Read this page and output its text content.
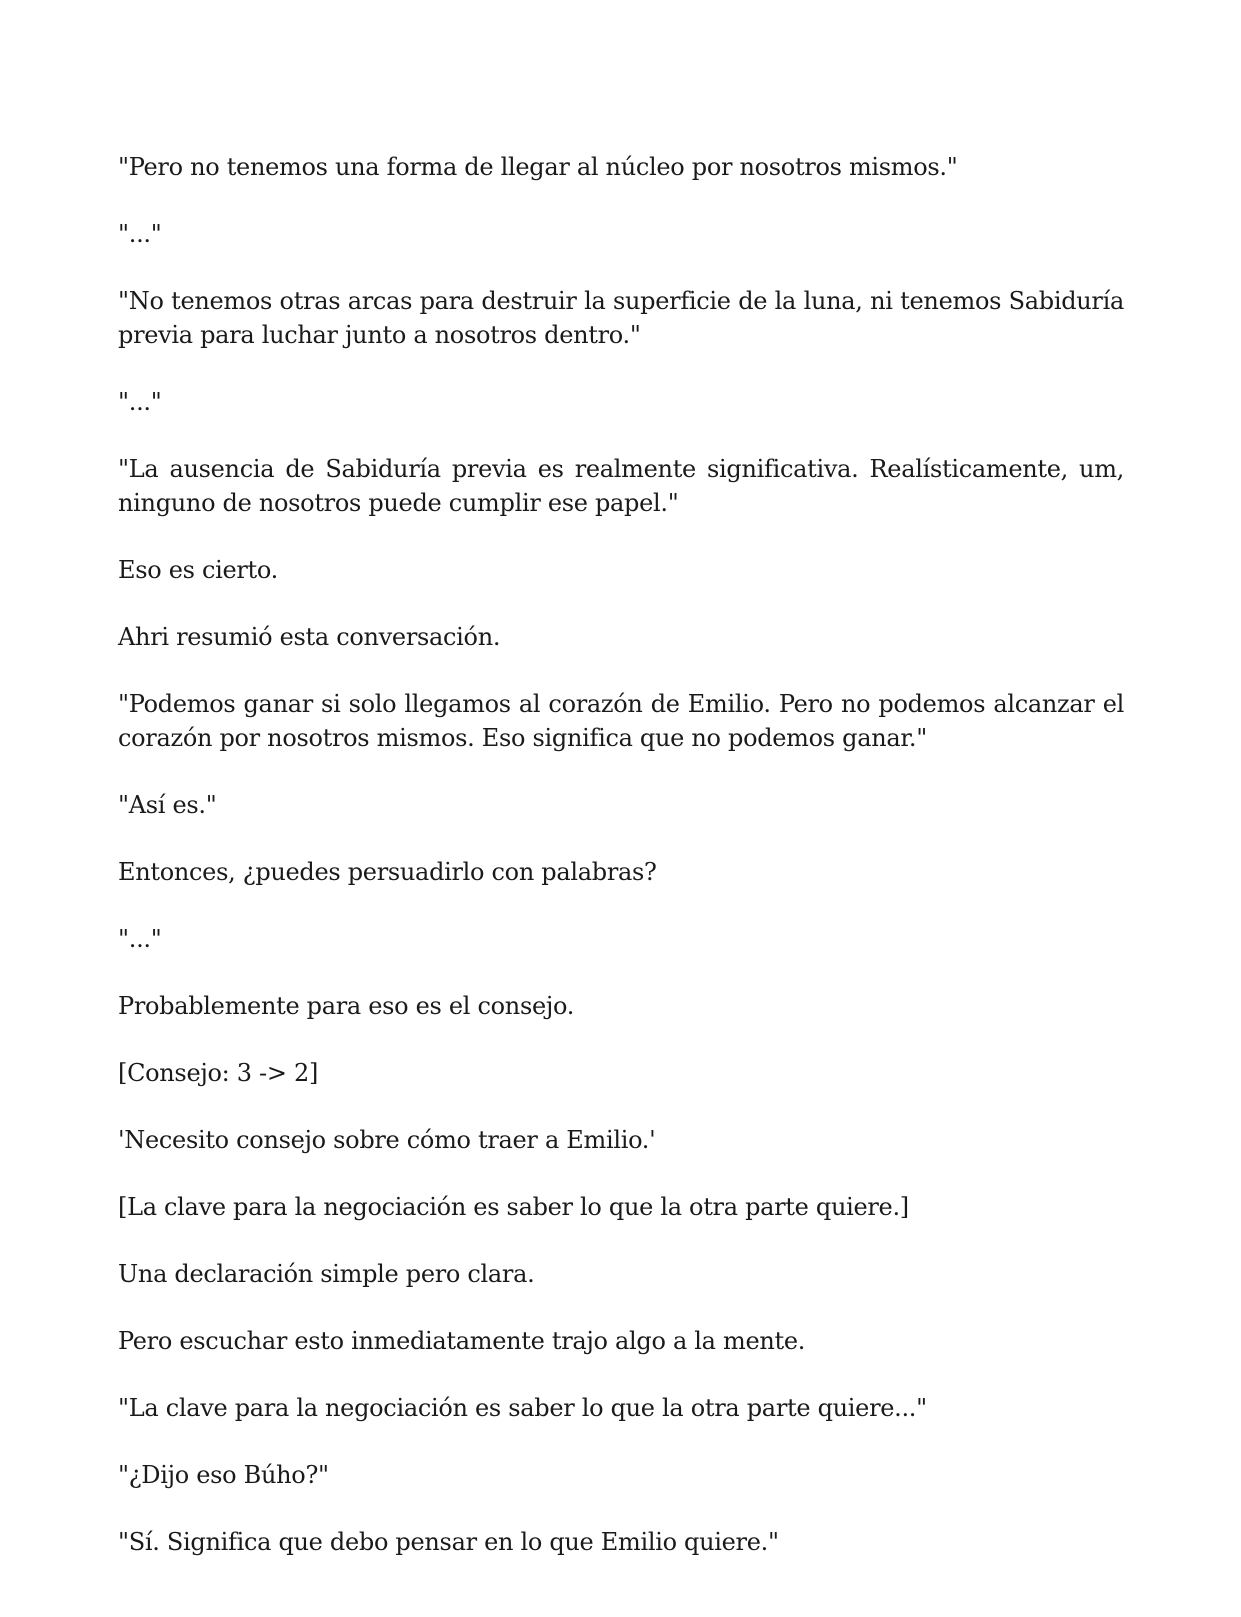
"Pero no tenemos una forma de llegar al núcleo por nosotros mismos."

"..."

"No tenemos otras arcas para destruir la superficie de la luna, ni tenemos Sabiduría previa para luchar junto a nosotros dentro."

"..."

"La ausencia de Sabiduría previa es realmente significativa. Realísticamente, um, ninguno de nosotros puede cumplir ese papel."

Eso es cierto.

Ahri resumió esta conversación.

"Podemos ganar si solo llegamos al corazón de Emilio. Pero no podemos alcanzar el corazón por nosotros mismos. Eso significa que no podemos ganar."

"Así es."

Entonces, ¿puedes persuadirlo con palabras?

"..."

Probablemente para eso es el consejo.

[Consejo: 3 -> 2]

'Necesito consejo sobre cómo traer a Emilio.'

[La clave para la negociación es saber lo que la otra parte quiere.]

Una declaración simple pero clara.

Pero escuchar esto inmediatamente trajo algo a la mente.

"La clave para la negociación es saber lo que la otra parte quiere..."

"¿Dijo eso Búho?"

"Sí. Significa que debo pensar en lo que Emilio quiere."
